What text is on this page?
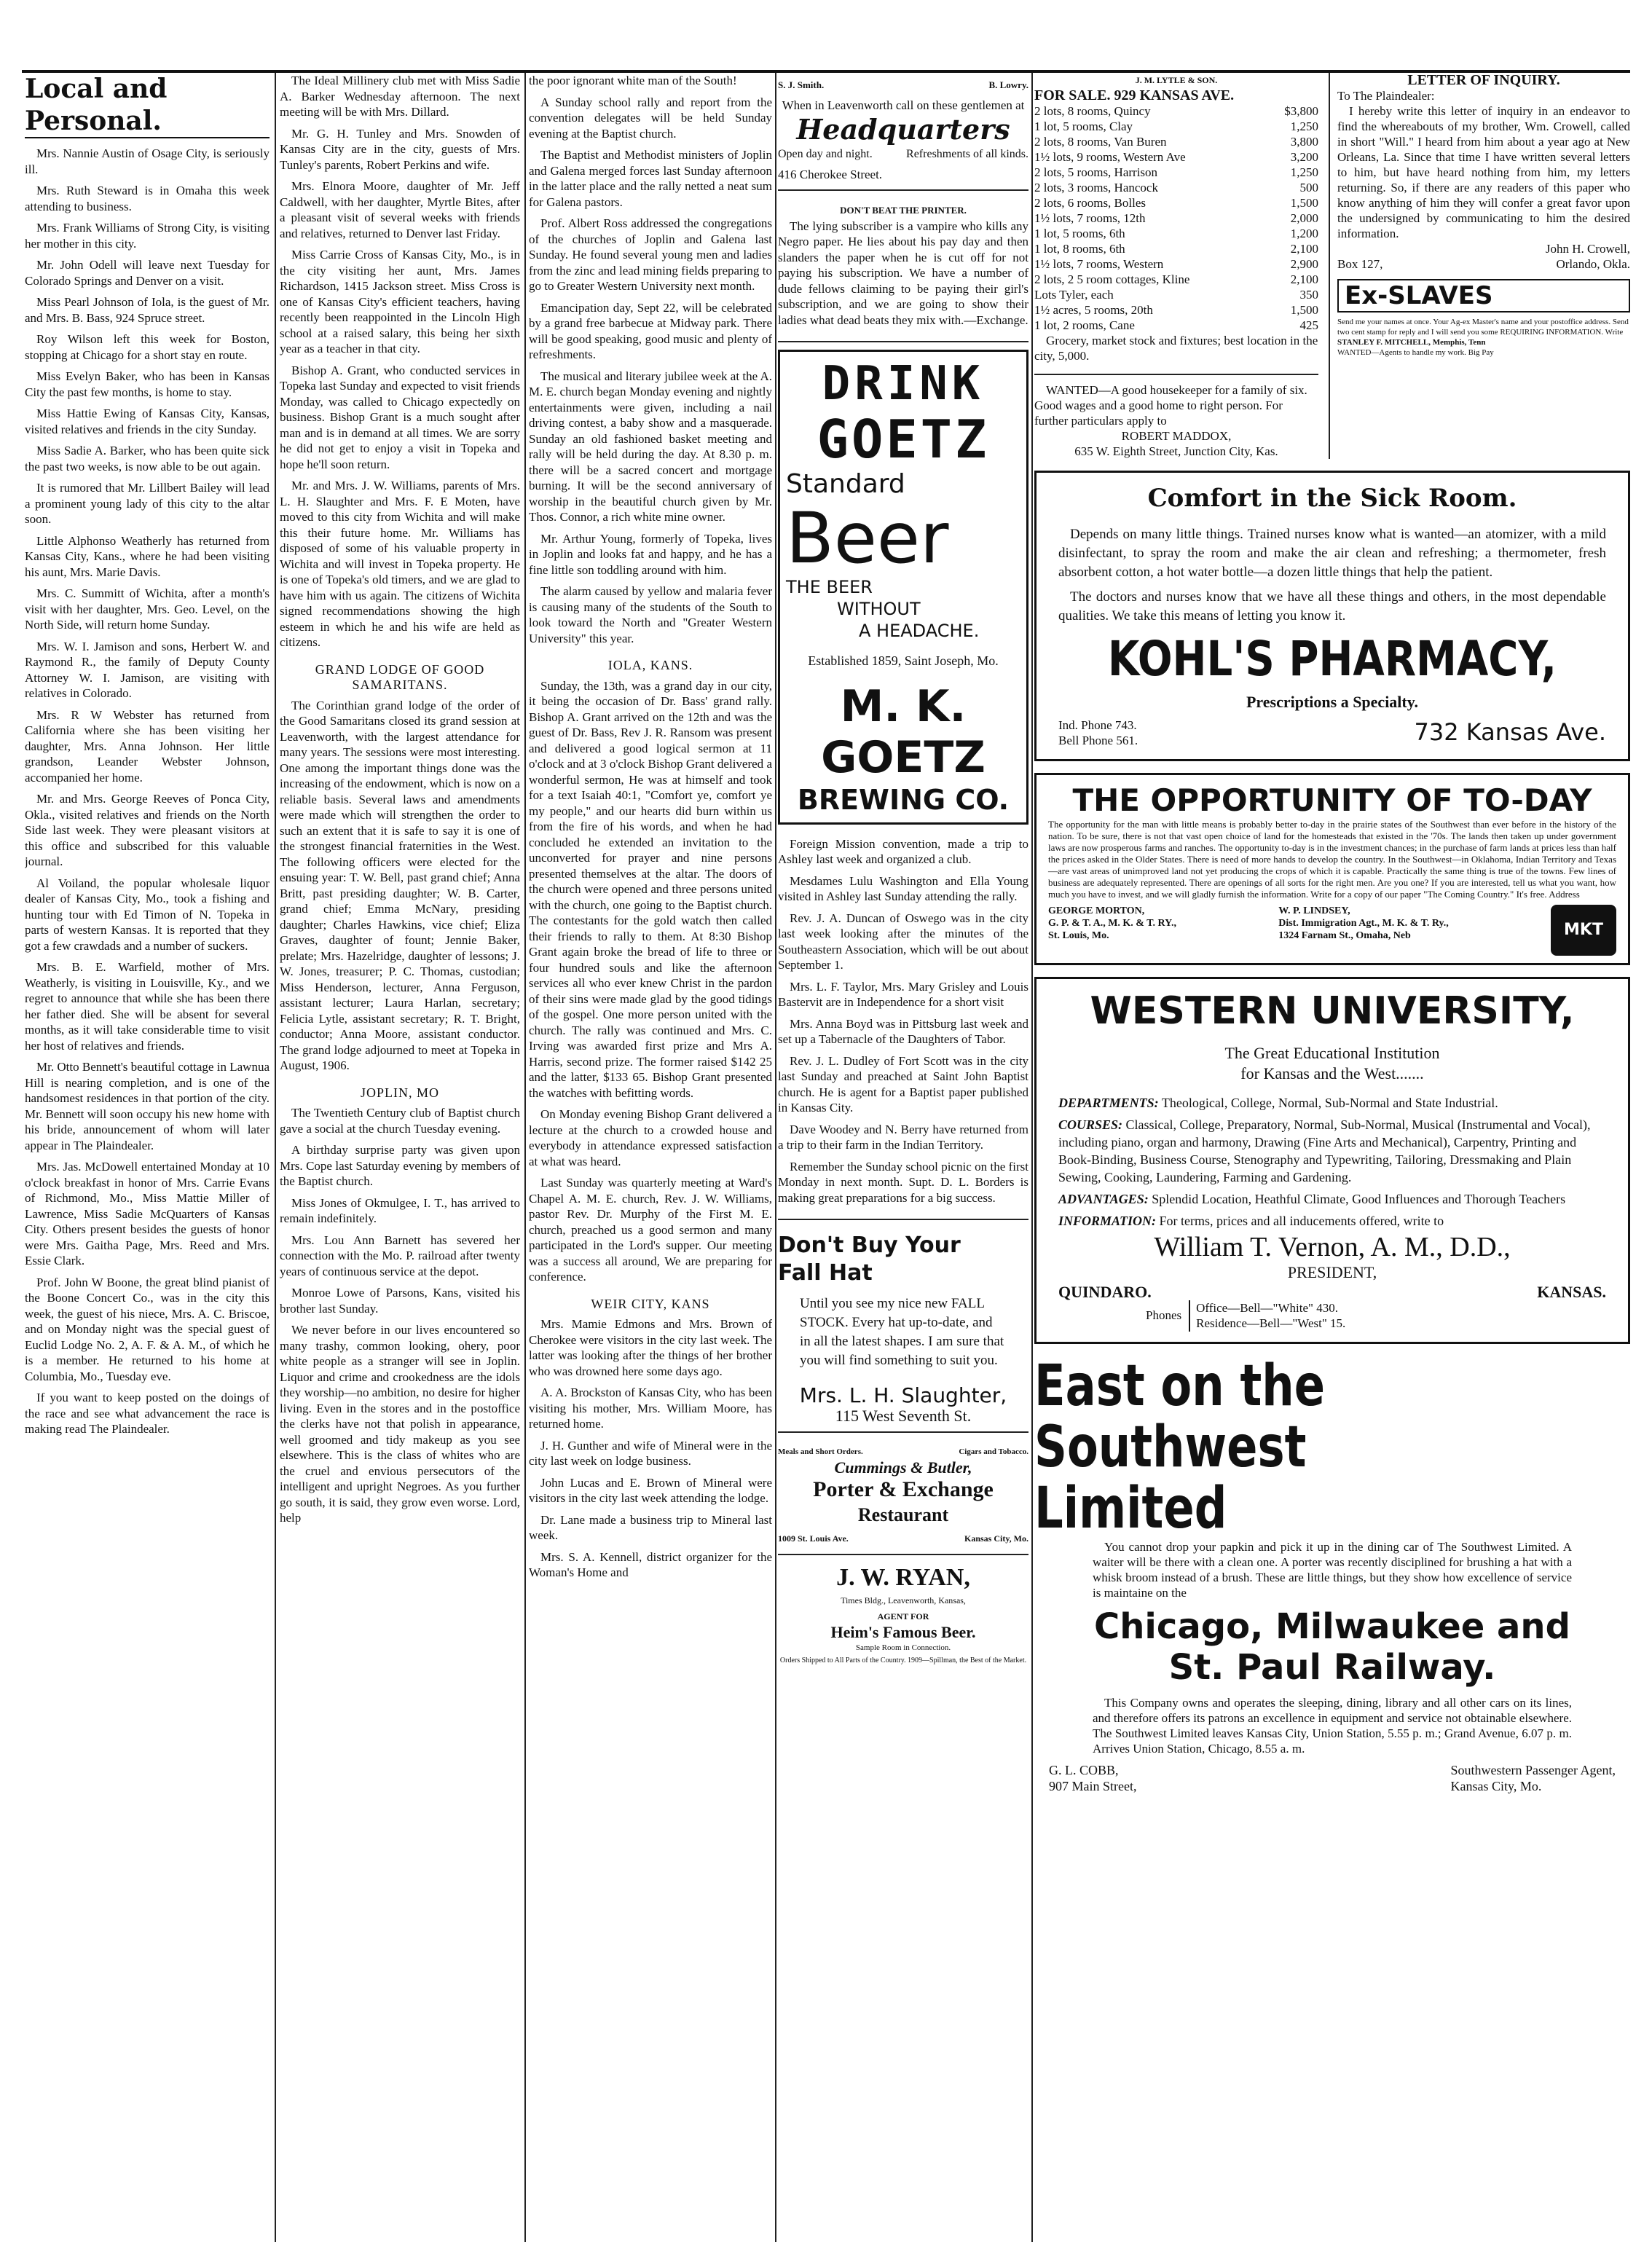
Local and Personal.

Mrs. Nannie Austin of Osage City, is seriously ill.

Mrs. Ruth Steward is in Omaha this week attending to business.

Mrs. Frank Williams of Strong City, is visiting her mother in this city.

Mr. John Odell will leave next Tuesday for Colorado Springs and Denver on a visit.

Miss Pearl Johnson of Iola, is the guest of Mr. and Mrs. B. Bass, 924 Spruce street.

Roy Wilson left this week for Boston, stopping at Chicago for a short stay en route.

Miss Evelyn Baker, who has been in Kansas City the past few months, is home to stay.

Miss Hattie Ewing of Kansas City, Kansas, visited relatives and friends in the city Sunday.

Miss Sadie A. Barker, who has been quite sick the past two weeks, is now able to be out again.

It is rumored that Mr. Lillbert Bailey will lead a prominent young lady of this city to the altar soon.

Little Alphonso Weatherly has returned from Kansas City, Kans., where he had been visiting his aunt, Mrs. Marie Davis.

Mrs. C. Summitt of Wichita, after a month's visit with her daughter, Mrs. Geo. Level, on the North Side, will return home Sunday.

Mrs. W. I. Jamison and sons, Herbert W. and Raymond R., the family of Deputy County Attorney W. I. Jamison, are visiting with relatives in Colorado.

Mrs. R W Webster has returned from California where she has been visiting her daughter, Mrs. Anna Johnson. Her little grandson, Leander Webster Johnson, accompanied her home.

Mr. and Mrs. George Reeves of Ponca City, Okla., visited relatives and friends on the North Side last week. They were pleasant visitors at this office and subscribed for this valuable journal.

Al Voiland, the popular wholesale liquor dealer of Kansas City, Mo., took a fishing and hunting tour with Ed Timon of N. Topeka in parts of western Kansas. It is reported that they got a few crawdads and a number of suckers.

Mrs. B. E. Warfield, mother of Mrs. Weatherly, is visiting in Louisville, Ky., and we regret to announce that while she has been there her father died. She will be absent for several months, as it will take considerable time to visit her host of relatives and friends.

Mr. Otto Bennett's beautiful cottage in Lawnua Hill is nearing completion, and is one of the handsomest residences in that portion of the city. Mr. Bennett will soon occupy his new home with his bride, announcement of whom will later appear in The Plaindealer.

Mrs. Jas. McDowell entertained Monday at 10 o'clock breakfast in honor of Mrs. Carrie Evans of Richmond, Mo., Miss Mattie Miller of Lawrence, Miss Sadie McQuarters of Kansas City. Others present besides the guests of honor were Mrs. Gaitha Page, Mrs. Reed and Mrs. Essie Clark.

Prof. John W Boone, the great blind pianist of the Boone Concert Co., was in the city this week, the guest of his niece, Mrs. A. C. Briscoe, and on Monday night was the special guest of Euclid Lodge No. 2, A. F. & A. M., of which he is a member. He returned to his home at Columbia, Mo., Tuesday eve.

If you want to keep posted on the doings of the race and see what advancement the race is making read The Plaindealer.

The Ideal Millinery club met with Miss Sadie A. Barker Wednesday afternoon. The next meeting will be with Mrs. Dillard.

Mr. G. H. Tunley and Mrs. Snowden of Kansas City are in the city, guests of Mrs. Tunley's parents, Robert Perkins and wife.

Mrs. Elnora Moore, daughter of Mr. Jeff Caldwell, with her daughter, Myrtle Bites, after a pleasant visit of several weeks with friends and relatives, returned to Denver last Friday.

Miss Carrie Cross of Kansas City, Mo., is in the city visiting her aunt, Mrs. James Richardson, 1415 Jackson street. Miss Cross is one of Kansas City's efficient teachers, having recently been reappointed in the Lincoln High school at a raised salary, this being her sixth year as a teacher in that city.

Bishop A. Grant, who conducted services in Topeka last Sunday and expected to visit friends Monday, was called to Chicago expectedly on business. Bishop Grant is a much sought after man and is in demand at all times. We are sorry he did not get to enjoy a visit in Topeka and hope he'll soon return.

Mr. and Mrs. J. W. Williams, parents of Mrs. L. H. Slaughter and Mrs. F. E Moten, have moved to this city from Wichita and will make this their future home. Mr. Williams has disposed of some of his valuable property in Wichita and will invest in Topeka property. He is one of Topeka's old timers, and we are glad to have him with us again. The citizens of Wichita signed recommendations showing the high esteem in which he and his wife are held as citizens.

GRAND LODGE OF GOOD SAMARITANS.

The Corinthian grand lodge of the order of the Good Samaritans closed its grand session at Leavenworth, with the largest attendance for many years. The sessions were most interesting. One among the important things done was the increasing of the endowment, which is now on a reliable basis. Several laws and amendments were made which will strengthen the order to such an extent that it is safe to say it is one of the strongest financial fraternities in the West. The following officers were elected for the ensuing year: T. W. Bell, past grand chief; Anna Britt, past presiding daughter; W. B. Carter, grand chief; Emma McNary, presiding daughter; Charles Hawkins, vice chief; Eliza Graves, daughter of fount; Jennie Baker, prelate; Mrs. Hazelridge, daughter of lessons; J. W. Jones, treasurer; P. C. Thomas, custodian; Miss Henderson, lecturer, Anna Ferguson, assistant lecturer; Laura Harlan, secretary; Felicia Lytle, assistant secretary; R. T. Bright, conductor; Anna Moore, assistant conductor. The grand lodge adjourned to meet at Topeka in August, 1906.

JOPLIN, MO

The Twentieth Century club of Baptist church gave a social at the church Tuesday evening.

A birthday surprise party was given upon Mrs. Cope last Saturday evening by members of the Baptist church.

Miss Jones of Okmulgee, I. T., has arrived to remain indefinitely.

Mrs. Lou Ann Barnett has severed her connection with the Mo. P. railroad after twenty years of continuous service at the depot.

Monroe Lowe of Parsons, Kans, visited his brother last Sunday.

We never before in our lives encountered so many trashy, common looking, ohery, poor white people as a stranger will see in Joplin. Liquor and crime and crookedness are the idols they worship—no ambition, no desire for higher living. Even in the stores and in the postoffice the clerks have not that polish in appearance, well groomed and tidy makeup as you see elsewhere. This is the class of whites who are the cruel and envious persecutors of the intelligent and upright Negroes. As you further go south, it is said, they grow even worse. Lord, help

the poor ignorant white man of the South!

A Sunday school rally and report from the convention delegates will be held Sunday evening at the Baptist church.

The Baptist and Methodist ministers of Joplin and Galena merged forces last Sunday afternoon in the latter place and the rally netted a neat sum for Galena pastors.

Prof. Albert Ross addressed the congregations of the churches of Joplin and Galena last Sunday. He found several young men and ladies from the zinc and lead mining fields preparing to go to Greater Western University next month.

Emancipation day, Sept 22, will be celebrated by a grand free barbecue at Midway park. There will be good speaking, good music and plenty of refreshments.

The musical and literary jubilee week at the A. M. E. church began Monday evening and nightly entertainments were given, including a nail driving contest, a baby show and a masquerade. Sunday an old fashioned basket meeting and rally will be held during the day. At 8.30 p. m. there will be a sacred concert and mortgage burning. It will be the second anniversary of worship in the beautiful church given by Mr. Thos. Connor, a rich white mine owner.

Mr. Arthur Young, formerly of Topeka, lives in Joplin and looks fat and happy, and he has a fine little son toddling around with him.

The alarm caused by yellow and malaria fever is causing many of the students of the South to look toward the North and "Greater Western University" this year.

IOLA, KANS.

Sunday, the 13th, was a grand day in our city, it being the occasion of Dr. Bass' grand rally. Bishop A. Grant arrived on the 12th and was the guest of Dr. Bass, Rev J. R. Ransom was present and delivered a good logical sermon at 11 o'clock and at 3 o'clock Bishop Grant delivered a wonderful sermon, He was at himself and took for a text Isaiah 40:1, "Comfort ye, comfort ye my people," and our hearts did burn within us from the fire of his words, and when he had concluded he extended an invitation to the unconverted for prayer and nine persons presented themselves at the altar. The doors of the church were opened and three persons united with the church, one going to the Baptist church. The contestants for the gold watch then called their friends to rally to them. At 8:30 Bishop Grant again broke the bread of life to three or four hundred souls and like the afternoon services all who ever knew Christ in the pardon of their sins were made glad by the good tidings of the gospel. One more person united with the church. The rally was continued and Mrs. C. Irving was awarded first prize and Mrs A. Harris, second prize. The former raised $142 25 and the latter, $133 65. Bishop Grant presented the watches with befitting words.

On Monday evening Bishop Grant delivered a lecture at the church to a crowded house and everybody in attendance expressed satisfaction at what was heard.

Last Sunday was quarterly meeting at Ward's Chapel A. M. E. church, Rev. J. W. Williams, pastor Rev. Dr. Murphy of the First M. E. church, preached us a good sermon and many participated in the Lord's supper. Our meeting was a success all around, We are preparing for conference.

WEIR CITY, KANS

Mrs. Mamie Edmons and Mrs. Brown of Cherokee were visitors in the city last week. The latter was looking after the things of her brother who was drowned here some days ago.

A. A. Brockston of Kansas City, who has been visiting his mother, Mrs. William Moore, has returned home.

J. H. Gunther and wife of Mineral were in the city last week on lodge business.

John Lucas and E. Brown of Mineral were visitors in the city last week attending the lodge.

Dr. Lane made a business trip to Mineral last week.

Mrs. S. A. Kennell, district organizer for the Woman's Home and

S. J. Smith.	B. Lowry.
When in Leavenworth call on these gentlemen at
Headquarters
Open day and night.	Refreshments of all kinds.
416 Cherokee Street.
DON'T BEAT THE PRINTER.

The lying subscriber is a vampire who kills any Negro paper. He lies about his pay day and then slanders the paper when he is cut off for not paying his subscription. We have a number of dude fellows claiming to be paying their girl's subscription, and we are going to show their ladies what dead beats they mix with.—Exchange.

DRINK
GOETZ
Standard
Beer
THE BEER
WITHOUT
A HEADACHE.
Established 1859, Saint Joseph, Mo.
M. K. GOETZ
BREWING CO.

Foreign Mission convention, made a trip to Ashley last week and organized a club.

Mesdames Lulu Washington and Ella Young visited in Ashley last Sunday attending the rally.

Rev. J. A. Duncan of Oswego was in the city last week looking after the minutes of the Southeastern Association, which will be out about September 1.

Mrs. L. F. Taylor, Mrs. Mary Grisley and Louis Bastervit are in Independence for a short visit

Mrs. Anna Boyd was in Pittsburg last week and set up a Tabernacle of the Daughters of Tabor.

Rev. J. L. Dudley of Fort Scott was in the city last Sunday and preached at Saint John Baptist church. He is agent for a Baptist paper published in Kansas City.

Dave Woodey and N. Berry have returned from a trip to their farm in the Indian Territory.

Remember the Sunday school picnic on the first Monday in next month. Supt. D. L. Borders is making great preparations for a big success.

Don't Buy Your
Fall Hat

Until you see my nice new FALL STOCK. Every hat up-to-date, and in all the latest shapes. I am sure that you will find something to suit you.

Mrs. L. H. Slaughter,
115 West Seventh St.
Meals and Short Orders.	Cigars and Tobacco.
Cummings & Butler,
Porter & Exchange
Restaurant
1009 St. Louis Ave.	Kansas City, Mo.
J. W. RYAN,
Times Bldg., Leavenworth, Kansas,
AGENT FOR
Heim's Famous Beer.
Sample Room in Connection.
Orders Shipped to All Parts of the Country. 1909—Spillman, the Best of the Market.
J. M. LYTLE & SON.
FOR SALE. 929 KANSAS AVE.
2 lots, 8 rooms, Quincy	$3,800
1 lot, 5 rooms, Clay	1,250
2 lots, 8 rooms, Van Buren	3,800
1½ lots, 9 rooms, Western Ave	3,200
2 lots, 5 rooms, Harrison	1,250
2 lots, 3 rooms, Hancock	500
2 lots, 6 rooms, Bolles	1,500
1½ lots, 7 rooms, 12th	2,000
1 lot, 5 rooms, 6th	1,200
1 lot, 8 rooms, 6th	2,100
1½ lots, 7 rooms, Western	2,900
2 lots, 2 5 room cottages, Kline	2,100
Lots Tyler, each	350
1½ acres, 5 rooms, 20th	1,500
1 lot, 2 rooms, Cane	425
Grocery, market stock and fixtures; best location in the city, 5,000.
WANTED—A good housekeeper for a family of six. Good wages and a good home to right person. For further particulars apply to
ROBERT MADDOX,
635 W. Eighth Street, Junction City, Kas.
LETTER OF INQUIRY.
To The Plaindealer:
I hereby write this letter of inquiry in an endeavor to find the whereabouts of my brother, Wm. Crowell, called in short "Will." I heard from him about a year ago at New Orleans, La. Since that time I have written several letters to him, but have heard nothing from him, my letters returning. So, if there are any readers of this paper who know anything of him they will confer a great favor upon the undersigned by communicating to him the desired information.
John H. Crowell,
Box 127,	Orlando, Okla.
Ex-SLAVES
Send me your names at once. Your Ag-ex Master's name and your postoffice address. Send two cent stamp for reply and I will send you some REQUIRING INFORMATION. Write
STANLEY F. MITCHELL, Memphis, Tenn
WANTED—Agents to handle my work. Big Pay
Comfort in the Sick Room.

Depends on many little things. Trained nurses know what is wanted—an atomizer, with a mild disinfectant, to spray the room and make the air clean and refreshing; a thermometer, fresh absorbent cotton, a hot water bottle—a dozen little things that help the patient.

The doctors and nurses know that we have all these things and others, in the most dependable qualities. We take this means of letting you know it.

KOHL'S PHARMACY,
Prescriptions a Specialty.
Ind. Phone 743.
Bell Phone 561.	732 Kansas Ave.
THE OPPORTUNITY OF TO-DAY
The opportunity for the man with little means is probably better to-day in the prairie states of the Southwest than ever before in the history of the nation. To be sure, there is not that vast open choice of land for the homesteads that existed in the '70s. The lands then taken up under government laws are now prosperous farms and ranches. The opportunity to-day is in the investment chances; in the purchase of farm lands at prices less than half the prices asked in the Older States. There is need of more hands to develop the country. In the Southwest—in Oklahoma, Indian Territory and Texas—are vast areas of unimproved land not yet producing the crops of which it is capable. Practically the same thing is true of the towns. Few lines of business are adequately represented. There are openings of all sorts for the right men. Are you one? If you are interested, tell us what you want, how much you have to invest, and we will gladly furnish the information. Write for a copy of our paper "The Coming Country." It's free. Address
GEORGE MORTON,
G. P. & T. A., M. K. & T. RY.,
St. Louis, Mo.
W. P. LINDSEY,
Dist. Immigration Agt., M. K. & T. Ry.,
1324 Farnam St., Omaha, Neb	MKT
WESTERN UNIVERSITY,
The Great Educational Institution
for Kansas and the West.......
DEPARTMENTS: Theological, College, Normal, Sub-Normal and State Industrial.
COURSES: Classical, College, Preparatory, Normal, Sub-Normal, Musical (Instrumental and Vocal), including piano, organ and harmony, Drawing (Fine Arts and Mechanical), Carpentry, Printing and Book-Binding, Business Course, Stenography and Typewriting, Tailoring, Dressmaking and Plain Sewing, Cooking, Laundering, Farming and Gardening.
ADVANTAGES: Splendid Location, Heathful Climate, Good Influences and Thorough Teachers
INFORMATION: For terms, prices and all inducements offered, write to
William T. Vernon, A. M., D.D.,
PRESIDENT,
QUINDARO.	KANSAS.
Phones
Office—Bell—"White" 430.
Residence—Bell—"West" 15.
East on the
Southwest Limited

You cannot drop your papkin and pick it up in the dining car of The Southwest Limited. A waiter will be there with a clean one. A porter was recently disciplined for brushing a hat with a whisk broom instead of a brush. These are little things, but they show how excellence of service is maintaine on the

Chicago, Milwaukee and
St. Paul Railway.

This Company owns and operates the sleeping, dining, library and all other cars on its lines, and therefore offers its patrons an excellence in equipment and service not obtainable elsewhere. The Southwest Limited leaves Kansas City, Union Station, 5.55 p. m.; Grand Avenue, 6.07 p. m. Arrives Union Station, Chicago, 8.55 a. m.

G. L. COBB,
907 Main Street,
Southwestern Passenger Agent,
Kansas City, Mo.
